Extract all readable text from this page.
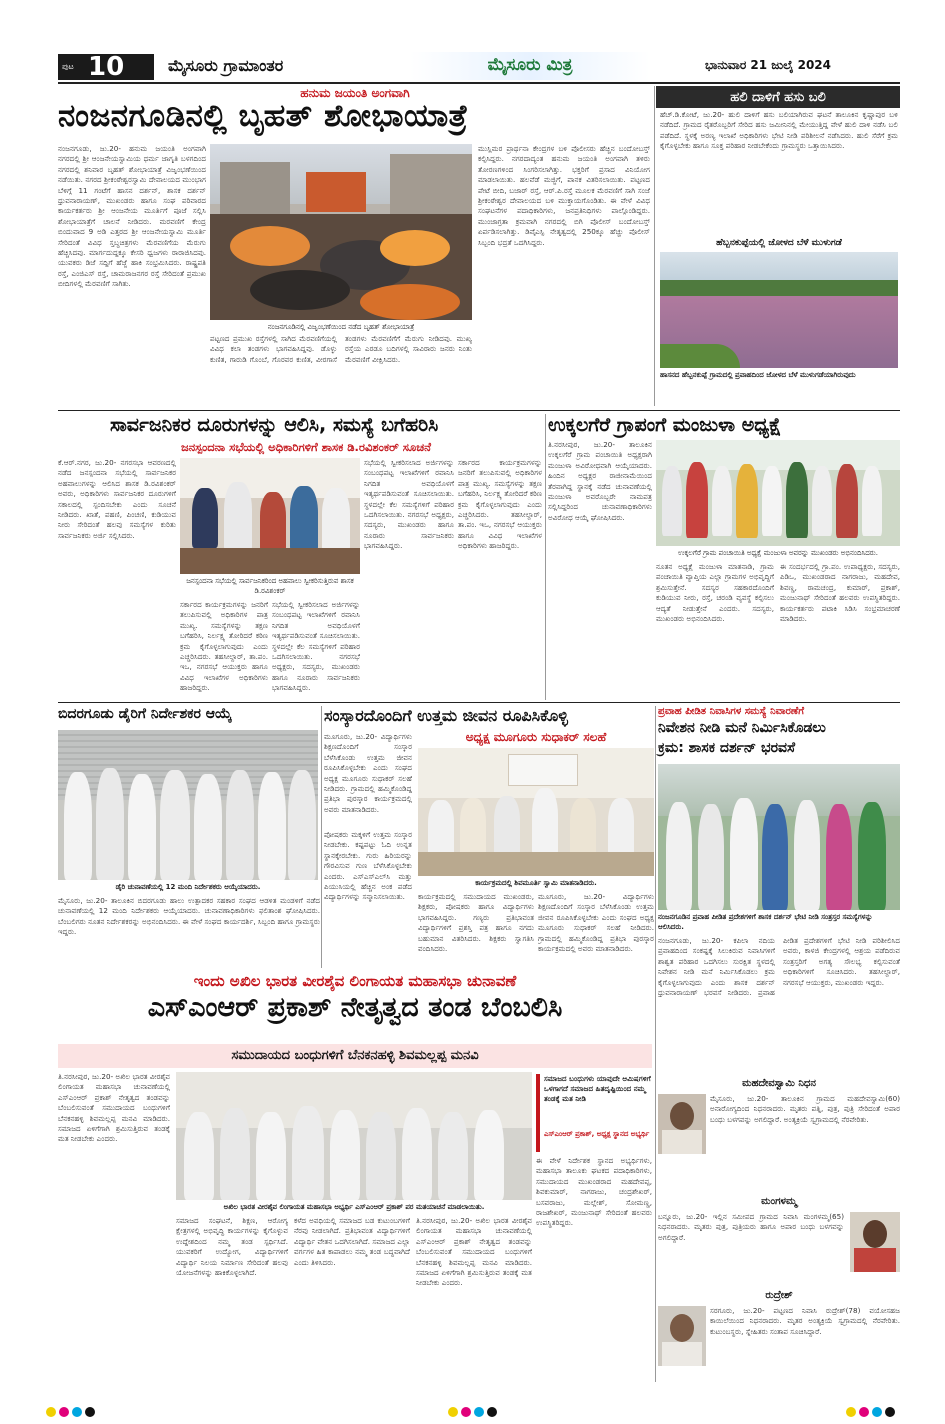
ಪುಟ 10	ಮೈಸೂರು ಗ್ರಾಮಾಂತರ	ಮೈಸೂರು ಮಿತ್ರ	ಭಾನುವಾರ 21 ಜುಲೈ 2024
ಹನುಮ ಜಯಂತಿ ಅಂಗವಾಗಿ
ನಂಜನಗೂಡಿನಲ್ಲಿ ಬೃಹತ್ ಶೋಭಾಯಾತ್ರೆ
ನಂಜನಗೂಡು, ಜು.20- ಹನುಮ ಜಯಂತಿ ಅಂಗವಾಗಿ ನಗರದಲ್ಲಿ ಶ್ರೀ ಆಂಜನೇಯಸ್ವಾಮಿಯ ಧರ್ಮ ಜಾಗೃತಿ ಬಳಗದಿಂದ ನಗರದಲ್ಲಿ ಶನಿವಾರ ಬೃಹತ್ ಶೋಭಾಯಾತ್ರೆ ವಿಜೃಂಭಣೆಯಿಂದ ನಡೆಯಿತು. ನಗರದ ಶ್ರೀಕಂಠೇಶ್ವರಸ್ವಾಮಿ ದೇವಾಲಯದ ಮುಂಭಾಗ ಬೆಳಿಗ್ಗೆ 11 ಗಂಟೆಗೆ ಹಾಸನ ದರ್ಶನ್, ಶಾಸಕ ದರ್ಶನ್ ಧ್ರುವನಾರಾಯಣ್, ಮುಖಂಡರು ಹಾಗೂ ಸಂಘ ಪರಿವಾರದ ಕಾರ್ಯಕರ್ತರು ಶ್ರೀ ಆಂಜನೇಯ ಮೂರ್ತಿಗೆ ಪೂಜೆ ಸಲ್ಲಿಸಿ ಶೋಭಾಯಾತ್ರೆಗೆ ಚಾಲನೆ ನೀಡಿದರು. ಮರವಣಿಗೆ ಕೇಂದ್ರ ಬಿಂದುವಾದ 9 ಅಡಿ ಎತ್ತರದ ಶ್ರೀ ಆಂಜನೇಯಸ್ವಾಮಿ ಮೂರ್ತಿ ಸೇರಿದಂತೆ ವಿವಿಧ ಸ್ತಬ್ಧಚಿತ್ರಗಳು ಮೆರವಣಿಗೆಯ ಮೆರುಗು ಹೆಚ್ಚಿಸಿದವು. ಮಾರ್ಗದುದ್ದಕ್ಕೂ ಕೇಸರಿ ಧ್ವಜಗಳು ರಾರಾಜಿಸಿದವು. ಯುವಕರು ಡಿಜೆ ಸದ್ದಿಗೆ ಹೆಜ್ಜೆ ಹಾಕಿ ಸಂಭ್ರಮಿಸಿದರು. ರಾಷ್ಟ್ರಪತಿ ರಸ್ತೆ, ಎಂಜಿಎಸ್ ರಸ್ತೆ, ಚಾಮರಾಜನಗರ ರಸ್ತೆ ಸೇರಿದಂತೆ ಪ್ರಮುಖ ಬೀದಿಗಳಲ್ಲಿ ಮೆರವಣಿಗೆ ಸಾಗಿತು.
ನಂಜನಗೂಡಿನಲ್ಲಿ ವಿಜೃಂಭಣೆಯಿಂದ ನಡೆದ ಬೃಹತ್ ಶೋಭಾಯಾತ್ರೆ
ಪಟ್ಟಣದ ಪ್ರಮುಖ ರಸ್ತೆಗಳಲ್ಲಿ ಸಾಗಿದ ಮೆರವಣಿಗೆಯಲ್ಲಿ ವಿವಿಧ ಕಲಾ ತಂಡಗಳು ಭಾಗವಹಿಸಿದ್ದವು. ಡೊಳ್ಳು ಕುಣಿತ, ಗಾರುಡಿ ಗೊಂಬೆ, ಗೊರವರ ಕುಣಿತ, ವೀರಗಾಸೆ ತಂಡಗಳು ಮೆರವಣಿಗೆಗೆ ಮೆರುಗು ನೀಡಿದವು. ಮುಖ್ಯ ರಸ್ತೆಯ ಎರಡೂ ಬದಿಗಳಲ್ಲಿ ಸಾವಿರಾರು ಜನರು ನಿಂತು ಮೆರವಣಿಗೆ ವೀಕ್ಷಿಸಿದರು.
ಮುಸ್ಲಿಮರ ಪ್ರಾರ್ಥನಾ ಕೇಂದ್ರಗಳ ಬಳಿ ಪೊಲೀಸರು ಹೆಚ್ಚಿನ ಬಂದೋಬಸ್ತ್ ಕಲ್ಪಿಸಿದ್ದರು. ನಗರದಾದ್ಯಂತ ಹನುಮ ಜಯಂತಿ ಅಂಗವಾಗಿ ತಳಿರು ತೋರಣಗಳಿಂದ ಸಿಂಗರಿಸಲಾಗಿತ್ತು. ಭಕ್ತರಿಗೆ ಪ್ರಸಾದ ವಿನಿಯೋಗ ಮಾಡಲಾಯಿತು. ಹಲವೆಡೆ ಮಜ್ಜಿಗೆ, ಪಾನಕ ವಿತರಿಸಲಾಯಿತು. ಪಟ್ಟಣದ ಪೇಟೆ ಬೀದಿ, ಬಜಾರ್ ರಸ್ತೆ, ಆರ್.ಪಿ.ರಸ್ತೆ ಮೂಲಕ ಮೆರವಣಿಗೆ ಸಾಗಿ ಸಂಜೆ ಶ್ರೀಕಂಠೇಶ್ವರ ದೇವಾಲಯದ ಬಳಿ ಮುಕ್ತಾಯಗೊಂಡಿತು. ಈ ವೇಳೆ ವಿವಿಧ ಸಂಘಟನೆಗಳ ಪದಾಧಿಕಾರಿಗಳು, ಜನಪ್ರತಿನಿಧಿಗಳು ಪಾಲ್ಗೊಂಡಿದ್ದರು. ಮುಂಜಾಗ್ರತಾ ಕ್ರಮವಾಗಿ ನಗರದಲ್ಲಿ ಬಿಗಿ ಪೊಲೀಸ್ ಬಂದೋಬಸ್ತ್ ಏರ್ಪಡಿಸಲಾಗಿತ್ತು. ಡಿವೈಎಸ್ಪಿ ನೇತೃತ್ವದಲ್ಲಿ 250ಕ್ಕೂ ಹೆಚ್ಚು ಪೊಲೀಸ್ ಸಿಬ್ಬಂದಿ ಭದ್ರತೆ ಒದಗಿಸಿದ್ದರು.
ಹಲಿ ದಾಳಿಗೆ ಹಸು ಬಲಿ
ಹೆಚ್.ಡಿ.ಕೋಟೆ, ಜು.20- ಹುಲಿ ದಾಳಿಗೆ ಹಸು ಬಲಿಯಾಗಿರುವ ಘಟನೆ ತಾಲೂಕಿನ ಕೃಷ್ಣಾಪುರ ಬಳಿ ನಡೆದಿದೆ. ಗ್ರಾಮದ ರೈತರೊಬ್ಬರಿಗೆ ಸೇರಿದ ಹಸು ಜಮೀನಿನಲ್ಲಿ ಮೇಯುತ್ತಿದ್ದ ವೇಳೆ ಹುಲಿ ದಾಳಿ ನಡೆಸಿ ಬಲಿ ಪಡೆದಿದೆ. ಸ್ಥಳಕ್ಕೆ ಅರಣ್ಯ ಇಲಾಖೆ ಅಧಿಕಾರಿಗಳು ಭೇಟಿ ನೀಡಿ ಪರಿಶೀಲನೆ ನಡೆಸಿದರು. ಹುಲಿ ಸೆರೆಗೆ ಕ್ರಮ ಕೈಗೊಳ್ಳಬೇಕು ಹಾಗೂ ಸೂಕ್ತ ಪರಿಹಾರ ನೀಡಬೇಕೆಂದು ಗ್ರಾಮಸ್ಥರು ಒತ್ತಾಯಿಸಿದರು.
ಹೆಬ್ಬನಕುಪ್ಪೆಯಲ್ಲಿ ಜೋಳದ ಬೆಳೆ ಮುಳುಗಡೆ
ಹಾಸನದ ಹೆಬ್ಬನಕುಪ್ಪೆ ಗ್ರಾಮದಲ್ಲಿ ಪ್ರವಾಹದಿಂದ ಜೋಳದ ಬೆಳೆ ಮುಳುಗಡೆಯಾಗಿರುವುದು
ಸಾರ್ವಜನಿಕರ ದೂರುಗಳನ್ನು ಆಲಿಸಿ, ಸಮಸ್ಯೆ ಬಗೆಹರಿಸಿ
ಜನಸ್ಪಂದನಾ ಸಭೆಯಲ್ಲಿ ಅಧಿಕಾರಿಗಳಿಗೆ ಶಾಸಕ ಡಿ.ರವಿಶಂಕರ್ ಸೂಚನೆ
ಕೆ.ಆರ್.ನಗರ, ಜು.20- ನಗರಸಭಾ ಆವರಣದಲ್ಲಿ ನಡೆದ ಜನಸ್ಪಂದನಾ ಸಭೆಯಲ್ಲಿ ಸಾರ್ವಜನಿಕರ ಅಹವಾಲುಗಳನ್ನು ಆಲಿಸಿದ ಶಾಸಕ ಡಿ.ರವಿಶಂಕರ್ ಅವರು, ಅಧಿಕಾರಿಗಳು ಸಾರ್ವಜನಿಕರ ದೂರುಗಳಿಗೆ ಸಕಾಲದಲ್ಲಿ ಸ್ಪಂದಿಸಬೇಕು ಎಂದು ಸೂಚನೆ ನೀಡಿದರು. ಖಾತೆ, ಪಹಣಿ, ಪಿಂಚಣಿ, ಕುಡಿಯುವ ನೀರು ಸೇರಿದಂತೆ ಹಲವು ಸಮಸ್ಯೆಗಳ ಕುರಿತು ಸಾರ್ವಜನಿಕರು ಅರ್ಜಿ ಸಲ್ಲಿಸಿದರು.
ಜನಸ್ಪಂದನಾ ಸಭೆಯಲ್ಲಿ ಸಾರ್ವಜನಿಕರಿಂದ ಅಹವಾಲು ಸ್ವೀಕರಿಸುತ್ತಿರುವ ಶಾಸಕ ಡಿ.ರವಿಶಂಕರ್
ಸರ್ಕಾರದ ಕಾರ್ಯಕ್ರಮಗಳನ್ನು ಜನರಿಗೆ ತಲುಪಿಸುವಲ್ಲಿ ಅಧಿಕಾರಿಗಳ ಪಾತ್ರ ಮುಖ್ಯ. ಸಮಸ್ಯೆಗಳನ್ನು ತಕ್ಷಣ ಬಗೆಹರಿಸಿ, ನಿರ್ಲಕ್ಷ್ಯ ತೋರಿದರೆ ಕಠಿಣ ಕ್ರಮ ಕೈಗೊಳ್ಳಲಾಗುವುದು ಎಂದು ಎಚ್ಚರಿಸಿದರು. ತಹಸೀಲ್ದಾರ್, ತಾ.ಪಂ. ಇಒ, ನಗರಸಭೆ ಆಯುಕ್ತರು ಹಾಗೂ ವಿವಿಧ ಇಲಾಖೆಗಳ ಅಧಿಕಾರಿಗಳು ಹಾಜರಿದ್ದರು.
ಸಭೆಯಲ್ಲಿ ಸ್ವೀಕರಿಸಲಾದ ಅರ್ಜಿಗಳನ್ನು ಸಂಬಂಧಪಟ್ಟ ಇಲಾಖೆಗಳಿಗೆ ರವಾನಿಸಿ ನಿಗದಿತ ಅವಧಿಯೊಳಗೆ ಇತ್ಯರ್ಥಪಡಿಸುವಂತೆ ಸೂಚಿಸಲಾಯಿತು. ಸ್ಥಳದಲ್ಲೇ ಕೆಲ ಸಮಸ್ಯೆಗಳಿಗೆ ಪರಿಹಾರ ಒದಗಿಸಲಾಯಿತು. ನಗರಸಭೆ ಅಧ್ಯಕ್ಷರು, ಸದಸ್ಯರು, ಮುಖಂಡರು ಹಾಗೂ ನೂರಾರು ಸಾರ್ವಜನಿಕರು ಭಾಗವಹಿಸಿದ್ದರು.
ಸಭೆಯಲ್ಲಿ ಸ್ವೀಕರಿಸಲಾದ ಅರ್ಜಿಗಳನ್ನು ಸಂಬಂಧಪಟ್ಟ ಇಲಾಖೆಗಳಿಗೆ ರವಾನಿಸಿ ನಿಗದಿತ ಅವಧಿಯೊಳಗೆ ಇತ್ಯರ್ಥಪಡಿಸುವಂತೆ ಸೂಚಿಸಲಾಯಿತು. ಸ್ಥಳದಲ್ಲೇ ಕೆಲ ಸಮಸ್ಯೆಗಳಿಗೆ ಪರಿಹಾರ ಒದಗಿಸಲಾಯಿತು. ನಗರಸಭೆ ಅಧ್ಯಕ್ಷರು, ಸದಸ್ಯರು, ಮುಖಂಡರು ಹಾಗೂ ನೂರಾರು ಸಾರ್ವಜನಿಕರು ಭಾಗವಹಿಸಿದ್ದರು.
ಸರ್ಕಾರದ ಕಾರ್ಯಕ್ರಮಗಳನ್ನು ಜನರಿಗೆ ತಲುಪಿಸುವಲ್ಲಿ ಅಧಿಕಾರಿಗಳ ಪಾತ್ರ ಮುಖ್ಯ. ಸಮಸ್ಯೆಗಳನ್ನು ತಕ್ಷಣ ಬಗೆಹರಿಸಿ, ನಿರ್ಲಕ್ಷ್ಯ ತೋರಿದರೆ ಕಠಿಣ ಕ್ರಮ ಕೈಗೊಳ್ಳಲಾಗುವುದು ಎಂದು ಎಚ್ಚರಿಸಿದರು. ತಹಸೀಲ್ದಾರ್, ತಾ.ಪಂ. ಇಒ, ನಗರಸಭೆ ಆಯುಕ್ತರು ಹಾಗೂ ವಿವಿಧ ಇಲಾಖೆಗಳ ಅಧಿಕಾರಿಗಳು ಹಾಜರಿದ್ದರು.
ಉಕ್ಕಲಗೆರೆ ಗ್ರಾಪಂಗೆ ಮಂಜುಳಾ ಅಧ್ಯಕ್ಷೆ
ತಿ.ನರಸೀಪುರ, ಜು.20- ತಾಲೂಕಿನ ಉಕ್ಕಲಗೆರೆ ಗ್ರಾಮ ಪಂಚಾಯಿತಿ ಅಧ್ಯಕ್ಷರಾಗಿ ಮಂಜುಳಾ ಅವಿರೋಧವಾಗಿ ಆಯ್ಕೆಯಾದರು. ಹಿಂದಿನ ಅಧ್ಯಕ್ಷರ ರಾಜೀನಾಮೆಯಿಂದ ತೆರವಾಗಿದ್ದ ಸ್ಥಾನಕ್ಕೆ ನಡೆದ ಚುನಾವಣೆಯಲ್ಲಿ ಮಂಜುಳಾ ಅವರೊಬ್ಬರೇ ನಾಮಪತ್ರ ಸಲ್ಲಿಸಿದ್ದರಿಂದ ಚುನಾವಣಾಧಿಕಾರಿಗಳು ಅವಿರೋಧ ಆಯ್ಕೆ ಘೋಷಿಸಿದರು.
ಉಕ್ಕಲಗೆರೆ ಗ್ರಾಮ ಪಂಚಾಯಿತಿ ಅಧ್ಯಕ್ಷೆ ಮಂಜುಳಾ ಅವರನ್ನು ಮುಖಂಡರು ಅಭಿನಂದಿಸಿದರು.
ನೂತನ ಅಧ್ಯಕ್ಷೆ ಮಂಜುಳಾ ಮಾತನಾಡಿ, ಗ್ರಾಮ ಪಂಚಾಯಿತಿ ವ್ಯಾಪ್ತಿಯ ಎಲ್ಲಾ ಗ್ರಾಮಗಳ ಅಭಿವೃದ್ಧಿಗೆ ಶ್ರಮಿಸುತ್ತೇನೆ. ಸದಸ್ಯರ ಸಹಕಾರದೊಂದಿಗೆ ಕುಡಿಯುವ ನೀರು, ರಸ್ತೆ, ಚರಂಡಿ ವ್ಯವಸ್ಥೆ ಕಲ್ಪಿಸಲು ಆದ್ಯತೆ ನೀಡುತ್ತೇನೆ ಎಂದರು. ಸದಸ್ಯರು, ಮುಖಂಡರು ಅಭಿನಂದಿಸಿದರು.
ಈ ಸಂದರ್ಭದಲ್ಲಿ ಗ್ರಾ.ಪಂ. ಉಪಾಧ್ಯಕ್ಷರು, ಸದಸ್ಯರು, ಪಿಡಿಒ, ಮುಖಂಡರಾದ ನಾಗರಾಜು, ಮಹದೇವ, ಶಿವಣ್ಣ, ರಾಮಚಂದ್ರ, ಕುಮಾರ್, ಪ್ರಕಾಶ್, ಮಂಜುನಾಥ್ ಸೇರಿದಂತೆ ಹಲವರು ಉಪಸ್ಥಿತರಿದ್ದರು. ಕಾರ್ಯಕರ್ತರು ಪಟಾಕಿ ಸಿಡಿಸಿ ಸಂಭ್ರಮಾಚರಣೆ ಮಾಡಿದರು.
ಬಿದರಗೂಡು ಡೈರಿಗೆ ನಿರ್ದೇಶಕರ ಆಯ್ಕೆ
ಡೈರಿ ಚುನಾವಣೆಯಲ್ಲಿ 12 ಮಂದಿ ನಿರ್ದೇಶಕರು ಆಯ್ಕೆಯಾದರು.
ಮೈಸೂರು, ಜು.20- ತಾಲೂಕಿನ ಬಿದರಗೂಡು ಹಾಲು ಉತ್ಪಾದಕರ ಸಹಕಾರ ಸಂಘದ ಆಡಳಿತ ಮಂಡಳಿಗೆ ನಡೆದ ಚುನಾವಣೆಯಲ್ಲಿ 12 ಮಂದಿ ನಿರ್ದೇಶಕರು ಆಯ್ಕೆಯಾದರು. ಚುನಾವಣಾಧಿಕಾರಿಗಳು ಫಲಿತಾಂಶ ಘೋಷಿಸಿದರು. ಬೆಂಬಲಿಗರು ನೂತನ ನಿರ್ದೇಶಕರನ್ನು ಅಭಿನಂದಿಸಿದರು. ಈ ವೇಳೆ ಸಂಘದ ಕಾರ್ಯದರ್ಶಿ, ಸಿಬ್ಬಂದಿ ಹಾಗೂ ಗ್ರಾಮಸ್ಥರು ಇದ್ದರು.
ಸಂಸ್ಕಾರದೊಂದಿಗೆ ಉತ್ತಮ ಜೀವನ ರೂಪಿಸಿಕೊಳ್ಳಿ
ಮೂಗೂರು, ಜು.20- ವಿದ್ಯಾರ್ಥಿಗಳು ಶಿಕ್ಷಣದೊಂದಿಗೆ ಸಂಸ್ಕಾರ ಬೆಳೆಸಿಕೊಂಡು ಉತ್ತಮ ಜೀವನ ರೂಪಿಸಿಕೊಳ್ಳಬೇಕು ಎಂದು ಸಂಘದ ಅಧ್ಯಕ್ಷ ಮೂಗೂರು ಸುಧಾಕರ್ ಸಲಹೆ ನೀಡಿದರು. ಗ್ರಾಮದಲ್ಲಿ ಹಮ್ಮಿಕೊಂಡಿದ್ದ ಪ್ರತಿಭಾ ಪುರಸ್ಕಾರ ಕಾರ್ಯಕ್ರಮದಲ್ಲಿ ಅವರು ಮಾತನಾಡಿದರು.
ಅಧ್ಯಕ್ಷ ಮೂಗೂರು ಸುಧಾಕರ್ ಸಲಹೆ
ಕಾರ್ಯಕ್ರಮದಲ್ಲಿ ಶಿವಮೂರ್ತಿ ಸ್ವಾಮಿ ಮಾತನಾಡಿದರು.
ಪೋಷಕರು ಮಕ್ಕಳಿಗೆ ಉತ್ತಮ ಸಂಸ್ಕಾರ ನೀಡಬೇಕು. ಕಷ್ಟಪಟ್ಟು ಓದಿ ಉನ್ನತ ಸ್ಥಾನಕ್ಕೇರಬೇಕು. ಗುರು ಹಿರಿಯರನ್ನು ಗೌರವಿಸುವ ಗುಣ ಬೆಳೆಸಿಕೊಳ್ಳಬೇಕು ಎಂದರು. ಎಸ್ಎಸ್ಎಲ್‌ಸಿ ಮತ್ತು ಪಿಯುಸಿಯಲ್ಲಿ ಹೆಚ್ಚಿನ ಅಂಕ ಪಡೆದ ವಿದ್ಯಾರ್ಥಿಗಳನ್ನು ಸನ್ಮಾನಿಸಲಾಯಿತು.	ಕಾರ್ಯಕ್ರಮದಲ್ಲಿ ಸಮುದಾಯದ ಮುಖಂಡರು, ಶಿಕ್ಷಕರು, ಪೋಷಕರು ಹಾಗೂ ವಿದ್ಯಾರ್ಥಿಗಳು ಭಾಗವಹಿಸಿದ್ದರು. ಗಣ್ಯರು ಪ್ರತಿಭಾವಂತ ವಿದ್ಯಾರ್ಥಿಗಳಿಗೆ ಪ್ರಶಸ್ತಿ ಪತ್ರ ಹಾಗೂ ನಗದು ಬಹುಮಾನ ವಿತರಿಸಿದರು. ಶಿಕ್ಷಕರು ಸ್ವಾಗತಿಸಿ ವಂದಿಸಿದರು.
ಮೂಗೂರು, ಜು.20- ವಿದ್ಯಾರ್ಥಿಗಳು ಶಿಕ್ಷಣದೊಂದಿಗೆ ಸಂಸ್ಕಾರ ಬೆಳೆಸಿಕೊಂಡು ಉತ್ತಮ ಜೀವನ ರೂಪಿಸಿಕೊಳ್ಳಬೇಕು ಎಂದು ಸಂಘದ ಅಧ್ಯಕ್ಷ ಮೂಗೂರು ಸುಧಾಕರ್ ಸಲಹೆ ನೀಡಿದರು. ಗ್ರಾಮದಲ್ಲಿ ಹಮ್ಮಿಕೊಂಡಿದ್ದ ಪ್ರತಿಭಾ ಪುರಸ್ಕಾರ ಕಾರ್ಯಕ್ರಮದಲ್ಲಿ ಅವರು ಮಾತನಾಡಿದರು.
ಪ್ರವಾಹ ಪೀಡಿತ ನಿವಾಸಿಗಳ ಸಮಸ್ಯೆ ನಿವಾರಣೆಗೆ
ನಿವೇಶನ ನೀಡಿ ಮನೆ ನಿರ್ಮಿಸಿಕೊಡಲು
ಕ್ರಮ: ಶಾಸಕ ದರ್ಶನ್ ಭರವಸೆ
ನಂಜನಗೂಡಿನ ಪ್ರವಾಹ ಪೀಡಿತ ಪ್ರದೇಶಗಳಿಗೆ ಶಾಸಕ ದರ್ಶನ್ ಭೇಟಿ ನೀಡಿ ಸಂತ್ರಸ್ತರ ಸಮಸ್ಯೆಗಳನ್ನು ಆಲಿಸಿದರು.
ನಂಜನಗೂಡು, ಜು.20- ಕಪಿಲಾ ನದಿಯ ಪ್ರವಾಹದಿಂದ ಸಂಕಷ್ಟಕ್ಕೆ ಸಿಲುಕಿರುವ ನಿವಾಸಿಗಳಿಗೆ ಶಾಶ್ವತ ಪರಿಹಾರ ಒದಗಿಸಲು ಸುರಕ್ಷಿತ ಸ್ಥಳದಲ್ಲಿ ನಿವೇಶನ ನೀಡಿ ಮನೆ ನಿರ್ಮಿಸಿಕೊಡಲು ಕ್ರಮ ಕೈಗೊಳ್ಳಲಾಗುವುದು ಎಂದು ಶಾಸಕ ದರ್ಶನ್ ಧ್ರುವನಾರಾಯಣ್ ಭರವಸೆ ನೀಡಿದರು. ಪ್ರವಾಹ ಪೀಡಿತ ಪ್ರದೇಶಗಳಿಗೆ ಭೇಟಿ ನೀಡಿ ಪರಿಶೀಲಿಸಿದ ಅವರು, ಕಾಳಜಿ ಕೇಂದ್ರಗಳಲ್ಲಿ ಆಶ್ರಯ ಪಡೆದಿರುವ ಸಂತ್ರಸ್ತರಿಗೆ ಅಗತ್ಯ ಸೌಲಭ್ಯ ಕಲ್ಪಿಸುವಂತೆ ಅಧಿಕಾರಿಗಳಿಗೆ ಸೂಚಿಸಿದರು. ತಹಸೀಲ್ದಾರ್, ನಗರಸಭೆ ಆಯುಕ್ತರು, ಮುಖಂಡರು ಇದ್ದರು.
ಇಂದು ಅಖಿಲ ಭಾರತ ವೀರಶೈವ ಲಿಂಗಾಯತ ಮಹಾಸಭಾ ಚುನಾವಣೆ
ಎಸ್‌ಎಂಆರ್ ಪ್ರಕಾಶ್ ನೇತೃತ್ವದ ತಂಡ ಬೆಂಬಲಿಸಿ
ಸಮುದಾಯದ ಬಂಧುಗಳಿಗೆ ಬೆನಕನಹಳ್ಳಿ ಶಿವಮಲ್ಲಪ್ಪ ಮನವಿ
ತಿ.ನರಸೀಪುರ, ಜು.20- ಅಖಿಲ ಭಾರತ ವೀರಶೈವ ಲಿಂಗಾಯತ ಮಹಾಸಭಾ ಚುನಾವಣೆಯಲ್ಲಿ ಎಸ್‌ಎಂಆರ್ ಪ್ರಕಾಶ್ ನೇತೃತ್ವದ ತಂಡವನ್ನು ಬೆಂಬಲಿಸುವಂತೆ ಸಮುದಾಯದ ಬಂಧುಗಳಿಗೆ ಬೆನಕನಹಳ್ಳಿ ಶಿವಮಲ್ಲಪ್ಪ ಮನವಿ ಮಾಡಿದರು. ಸಮಾಜದ ಏಳಿಗೆಗಾಗಿ ಶ್ರಮಿಸುತ್ತಿರುವ ತಂಡಕ್ಕೆ ಮತ ನೀಡಬೇಕು ಎಂದರು.
ಅಖಿಲ ಭಾರತ ವೀರಶೈವ ಲಿಂಗಾಯತ ಮಹಾಸಭಾ ಅಭ್ಯರ್ಥಿ ಎಸ್‌ಎಂಆರ್ ಪ್ರಕಾಶ್ ಪರ ಮತಯಾಚನೆ ಮಾಡಲಾಯಿತು.
ಸಮಾಜದ ಬಂಧುಗಳು ಯಾವುದೇ ಆಮಿಷಗಳಿಗೆ ಒಳಗಾಗದೆ ಸಮಾಜದ ಹಿತದೃಷ್ಟಿಯಿಂದ ನಮ್ಮ ತಂಡಕ್ಕೆ ಮತ ನೀಡಿ
ಎಸ್‌ಎಂಆರ್ ಪ್ರಕಾಶ್, ಅಧ್ಯಕ್ಷ ಸ್ಥಾನದ ಅಭ್ಯರ್ಥಿ
ಈ ವೇಳೆ ನಿರ್ದೇಶಕ ಸ್ಥಾನದ ಅಭ್ಯರ್ಥಿಗಳು, ಮಹಾಸಭಾ ತಾಲೂಕು ಘಟಕದ ಪದಾಧಿಕಾರಿಗಳು, ಸಮುದಾಯದ ಮುಖಂಡರಾದ ಮಹದೇವಪ್ಪ, ಶಿವಕುಮಾರ್, ನಾಗರಾಜು, ಚಂದ್ರಶೇಖರ್, ಬಸವರಾಜು, ಮಲ್ಲೇಶ್, ಸೋಮಣ್ಣ, ರಾಜಶೇಖರ್, ಮಂಜುನಾಥ್ ಸೇರಿದಂತೆ ಹಲವರು ಉಪಸ್ಥಿತರಿದ್ದರು.
ಸಮಾಜದ ಸಂಘಟನೆ, ಶಿಕ್ಷಣ, ಆರೋಗ್ಯ ಕ್ಷೇತ್ರಗಳಲ್ಲಿ ಅಭಿವೃದ್ಧಿ ಕಾರ್ಯಗಳನ್ನು ಕೈಗೊಳ್ಳುವ ಉದ್ದೇಶದಿಂದ ನಮ್ಮ ತಂಡ ಸ್ಪರ್ಧಿಸಿದೆ. ಯುವಕರಿಗೆ ಉದ್ಯೋಗ, ವಿದ್ಯಾರ್ಥಿಗಳಿಗೆ ವಿದ್ಯಾರ್ಥಿ ನಿಲಯ ನಿರ್ಮಾಣ ಸೇರಿದಂತೆ ಹಲವು ಯೋಜನೆಗಳನ್ನು ಹಾಕಿಕೊಳ್ಳಲಾಗಿದೆ.
ಕಳೆದ ಅವಧಿಯಲ್ಲಿ ಸಮಾಜದ ಬಡ ಕುಟುಂಬಗಳಿಗೆ ನೆರವು ನೀಡಲಾಗಿದೆ. ಪ್ರತಿಭಾವಂತ ವಿದ್ಯಾರ್ಥಿಗಳಿಗೆ ವಿದ್ಯಾರ್ಥಿ ವೇತನ ಒದಗಿಸಲಾಗಿದೆ. ಸಮಾಜದ ಎಲ್ಲಾ ವರ್ಗಗಳ ಹಿತ ಕಾಪಾಡಲು ನಮ್ಮ ತಂಡ ಬದ್ಧವಾಗಿದೆ ಎಂದು ತಿಳಿಸಿದರು.
ತಿ.ನರಸೀಪುರ, ಜು.20- ಅಖಿಲ ಭಾರತ ವೀರಶೈವ ಲಿಂಗಾಯತ ಮಹಾಸಭಾ ಚುನಾವಣೆಯಲ್ಲಿ ಎಸ್‌ಎಂಆರ್ ಪ್ರಕಾಶ್ ನೇತೃತ್ವದ ತಂಡವನ್ನು ಬೆಂಬಲಿಸುವಂತೆ ಸಮುದಾಯದ ಬಂಧುಗಳಿಗೆ ಬೆನಕನಹಳ್ಳಿ ಶಿವಮಲ್ಲಪ್ಪ ಮನವಿ ಮಾಡಿದರು. ಸಮಾಜದ ಏಳಿಗೆಗಾಗಿ ಶ್ರಮಿಸುತ್ತಿರುವ ತಂಡಕ್ಕೆ ಮತ ನೀಡಬೇಕು ಎಂದರು.
ಮಹದೇವಸ್ವಾಮಿ ನಿಧನ
ಮೈಸೂರು, ಜು.20- ತಾಲೂಕಿನ ಗ್ರಾಮದ ಮಹದೇವಸ್ವಾಮಿ(60) ಅನಾರೋಗ್ಯದಿಂದ ನಿಧನರಾದರು. ಮೃತರು ಪತ್ನಿ, ಪುತ್ರ, ಪುತ್ರಿ ಸೇರಿದಂತೆ ಅಪಾರ ಬಂಧು ಬಳಗವನ್ನು ಅಗಲಿದ್ದಾರೆ. ಅಂತ್ಯಕ್ರಿಯೆ ಸ್ವಗ್ರಾಮದಲ್ಲಿ ನೆರವೇರಿತು.
ಮಂಗಳಮ್ಮ
ಬನ್ನೂರು, ಜು.20- ಇಲ್ಲಿನ ಸಮೀಪದ ಗ್ರಾಮದ ನಿವಾಸಿ ಮಂಗಳಮ್ಮ(65) ನಿಧನರಾದರು. ಮೃತರು ಪುತ್ರ, ಪುತ್ರಿಯರು ಹಾಗೂ ಅಪಾರ ಬಂಧು ಬಳಗವನ್ನು ಅಗಲಿದ್ದಾರೆ.
ರುದ್ರೇಶ್
ಸರಗೂರು, ಜು.20- ಪಟ್ಟಣದ ನಿವಾಸಿ ರುದ್ರೇಶ್(78) ವಯೋಸಹಜ ಕಾಯಿಲೆಯಿಂದ ನಿಧನರಾದರು. ಮೃತರ ಅಂತ್ಯಕ್ರಿಯೆ ಸ್ವಗ್ರಾಮದಲ್ಲಿ ನೆರವೇರಿತು. ಕುಟುಂಬಸ್ಥರು, ಸ್ನೇಹಿತರು ಸಂತಾಪ ಸೂಚಿಸಿದ್ದಾರೆ.
